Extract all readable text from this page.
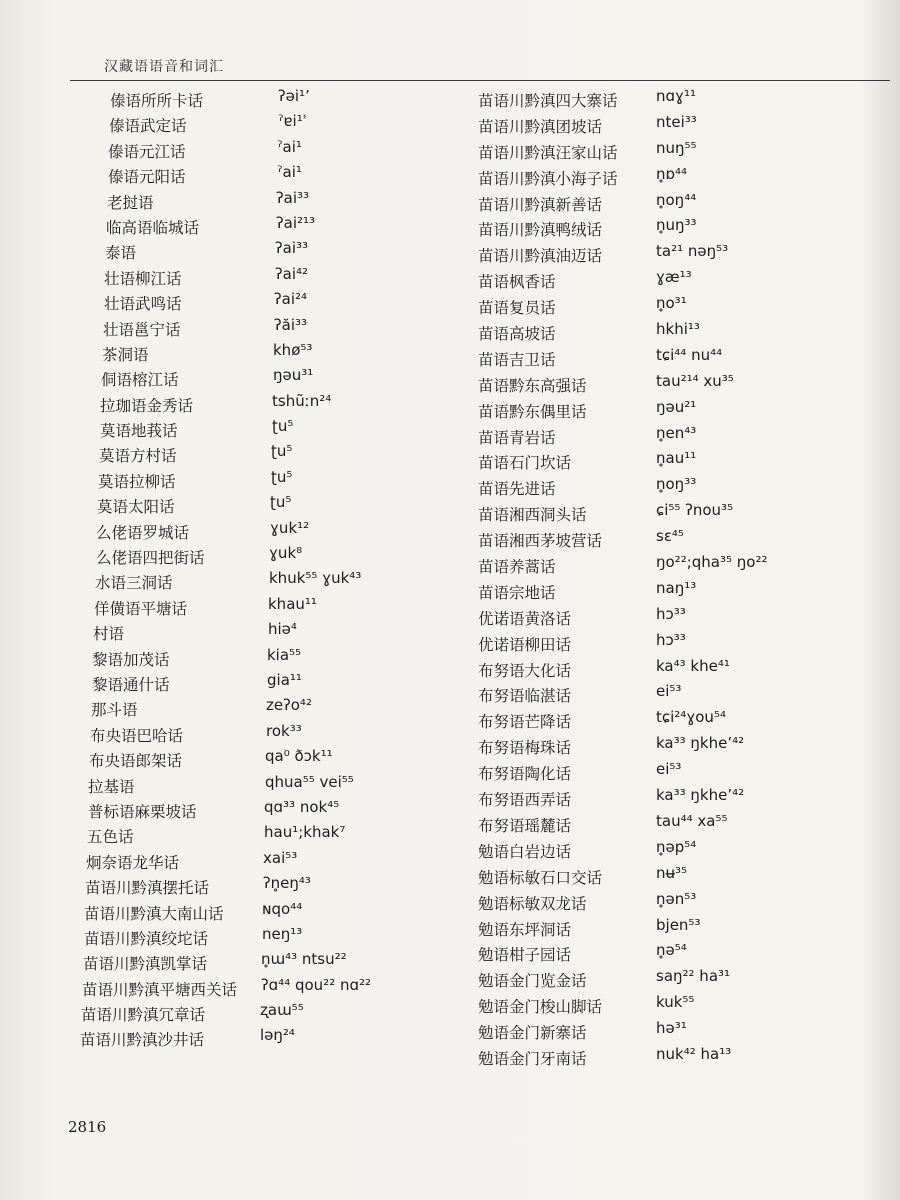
汉藏语语音和词汇
傣语所所卡话	ʔəi¹ʼ
傣语武定话	ˀɐi¹ʾ
傣语元江话	ˀai¹
傣语元阳话	ˀai¹
老挝语	ʔai³³
临高语临城话	ʔai²¹³
泰语	ʔai³³
壮语柳江话	ʔai⁴²
壮语武鸣话	ʔai²⁴
壮语邕宁话	ʔăi³³
茶洞语	khø⁵³
侗语榕江话	ŋəu³¹
拉珈语金秀话	tshũːn²⁴
莫语地莪话	ʈu⁵
莫语方村话	ʈu⁵
莫语拉柳话	ʈu⁵
莫语太阳话	ʈu⁵
么佬语罗城话	ɣuk¹²
么佬语四把街话	ɣuk⁸
水语三洞话	khuk⁵⁵ ɣuk⁴³
佯僙语平塘话	khau¹¹
村语	hiə⁴
黎语加茂话	kia⁵⁵
黎语通什话	gia¹¹
那斗语	zeʔo⁴²
布央语巴哈话	rok³³
布央语郎架话	qa⁰ ðɔk¹¹
拉基语	qhua⁵⁵ vei⁵⁵
普标语麻栗坡话	qɑ³³ nok⁴⁵
五色话	hau¹;khak⁷
炯奈语龙华话	xai⁵³
苗语川黔滇摆托话	ʔn̥eŋ⁴³
苗语川黔滇大南山话	ɴqo⁴⁴
苗语川黔滇绞坨话	neŋ¹³
苗语川黔滇凯掌话	n̥ɯ⁴³ ntsu²²
苗语川黔滇平塘西关话 ʔɑ⁴⁴ qou²² nɑ²²
苗语川黔滇冗章话	ʐaɯ⁵⁵
苗语川黔滇沙井话	ləŋ²⁴
苗语川黔滇四大寨话	nɑɣ¹¹
苗语川黔滇团坡话	ntei³³
苗语川黔滇汪家山话	nuŋ⁵⁵
苗语川黔滇小海子话	n̥ɒ⁴⁴
苗语川黔滇新善话	n̥oŋ⁴⁴
苗语川黔滇鸭绒话	n̥uŋ³³
苗语川黔滇油迈话	ta²¹ nəŋ⁵³
苗语枫香话	ɣæ¹³
苗语复员话	n̥o³¹
苗语高坡话	hkhi¹³
苗语吉卫话	tɕi⁴⁴ nu⁴⁴
苗语黔东高强话	tau²¹⁴ xu³⁵
苗语黔东偶里话	ŋəu²¹
苗语青岩话	n̥en⁴³
苗语石门坎话	n̥au¹¹
苗语先进话	n̥oŋ³³
苗语湘西洞头话	ɕi⁵⁵ ʔnou³⁵
苗语湘西茅坡营话	sɛ⁴⁵
苗语养蒿话	ŋo²²;qha³⁵ ŋo²²
苗语宗地话	naŋ¹³
优诺语黄洛话	hɔ³³
优诺语柳田话	hɔ³³
布努语大化话	ka⁴³ khe⁴¹
布努语临湛话	ei⁵³
布努语芒降话	tɕi²⁴ɣou⁵⁴
布努语梅珠话	ka³³ ŋkheʼ⁴²
布努语陶化话	ei⁵³
布努语西弄话	ka³³ ŋkheʼ⁴²
布努语瑶麓话	tau⁴⁴ xa⁵⁵
勉语白岩边话	n̥əp⁵⁴
勉语标敏石口交话	nʉ³⁵
勉语标敏双龙话	n̥ən⁵³
勉语东坪洞话	bjen⁵³
勉语柑子园话	n̥ə⁵⁴
勉语金门览金话	saŋ²² ha³¹
勉语金门梭山脚话	kuk⁵⁵
勉语金门新寨话	hə³¹
勉语金门牙南话	nuk⁴² ha¹³
2816
